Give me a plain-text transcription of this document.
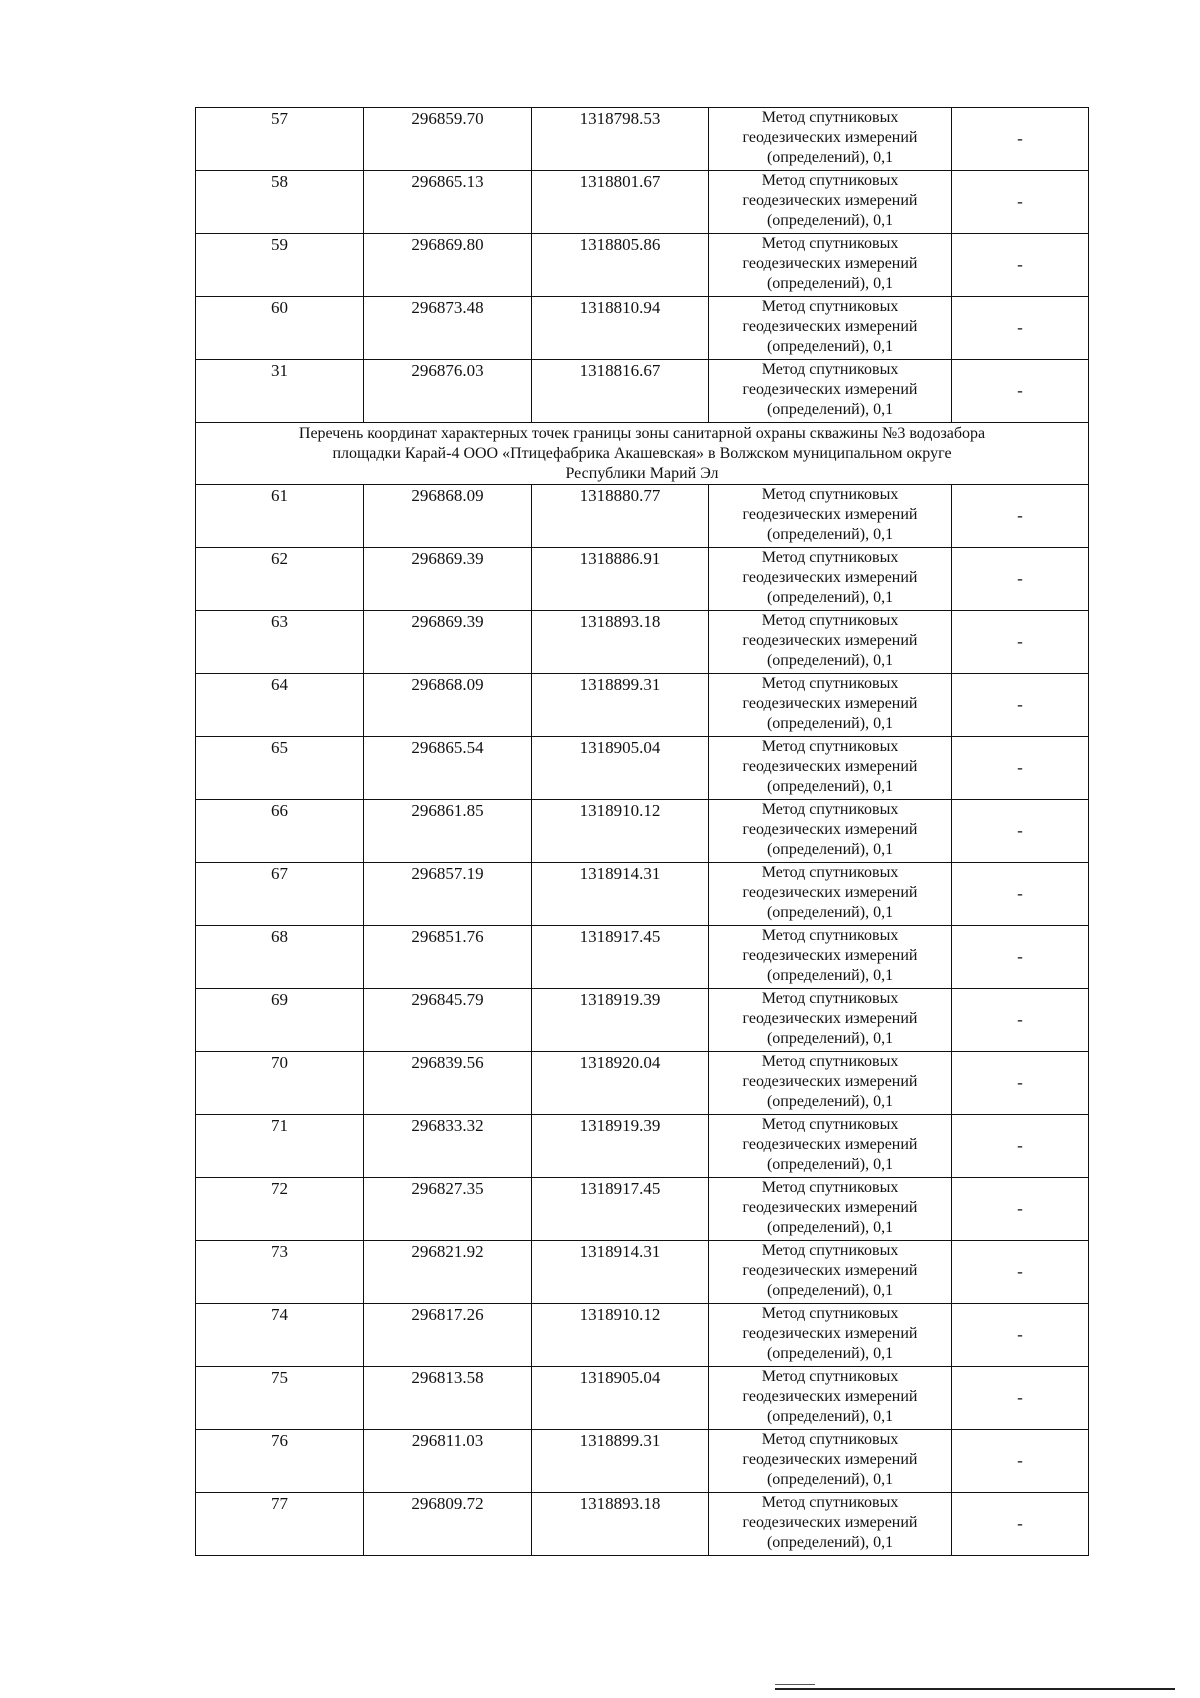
57	296859.70	1318798.53	Метод спутниковых
геодезических измерений
(определений), 0,1	-
58	296865.13	1318801.67	Метод спутниковых
геодезических измерений
(определений), 0,1	-
59	296869.80	1318805.86	Метод спутниковых
геодезических измерений
(определений), 0,1	-
60	296873.48	1318810.94	Метод спутниковых
геодезических измерений
(определений), 0,1	-
31	296876.03	1318816.67	Метод спутниковых
геодезических измерений
(определений), 0,1	-

Перечень координат характерных точек границы зоны санитарной охраны скважины №3 водозабора
площадки Карай-4 ООО «Птицефабрика Акашевская» в Волжском муниципальном округе
Республики Марий Эл				

61	296868.09	1318880.77	Метод спутниковых
геодезических измерений
(определений), 0,1	-
62	296869.39	1318886.91	Метод спутниковых
геодезических измерений
(определений), 0,1	-
63	296869.39	1318893.18	Метод спутниковых
геодезических измерений
(определений), 0,1	-
64	296868.09	1318899.31	Метод спутниковых
геодезических измерений
(определений), 0,1	-
65	296865.54	1318905.04	Метод спутниковых
геодезических измерений
(определений), 0,1	-
66	296861.85	1318910.12	Метод спутниковых
геодезических измерений
(определений), 0,1	-
67	296857.19	1318914.31	Метод спутниковых
геодезических измерений
(определений), 0,1	-
68	296851.76	1318917.45	Метод спутниковых
геодезических измерений
(определений), 0,1	-
69	296845.79	1318919.39	Метод спутниковых
геодезических измерений
(определений), 0,1	-
70	296839.56	1318920.04	Метод спутниковых
геодезических измерений
(определений), 0,1	-
71	296833.32	1318919.39	Метод спутниковых
геодезических измерений
(определений), 0,1	-
72	296827.35	1318917.45	Метод спутниковых
геодезических измерений
(определений), 0,1	-
73	296821.92	1318914.31	Метод спутниковых
геодезических измерений
(определений), 0,1	-
74	296817.26	1318910.12	Метод спутниковых
геодезических измерений
(определений), 0,1	-
75	296813.58	1318905.04	Метод спутниковых
геодезических измерений
(определений), 0,1	-
76	296811.03	1318899.31	Метод спутниковых
геодезических измерений
(определений), 0,1	-
77	296809.72	1318893.18	Метод спутниковых
геодезических измерений
(определений), 0,1	-
